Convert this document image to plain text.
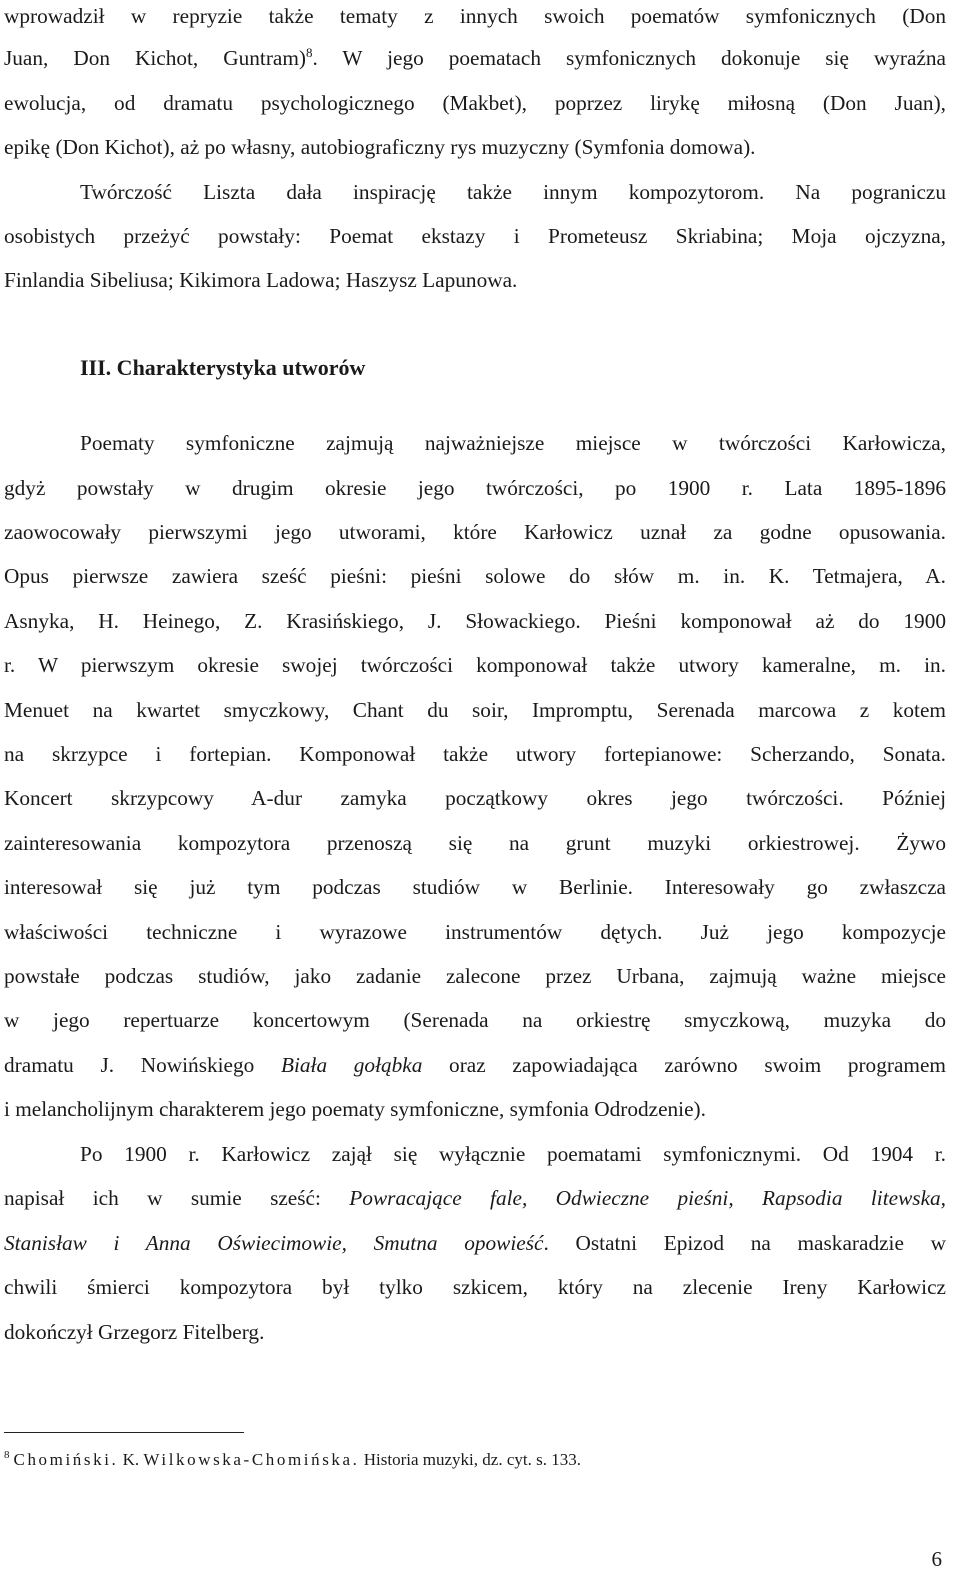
wprowadził w repryzie także tematy z innych swoich poematów symfonicznych (Don
Juan, Don Kichot, Guntram)$^8$. W jego poematach symfonicznych dokonuje się wyraźna
ewolucja, od dramatu psychologicznego (Makbet), poprzez lirykę miłosną (Don Juan),
epikę (Don Kichot), aż po własny, autobiograficzny rys muzyczny (Symfonia domowa).
Twórczość Liszta dała inspirację także innym kompozytorom. Na pograniczu
osobistych przeżyć powstały: Poemat ekstazy i Prometeusz Skriabina; Moja ojczyzna,
Finlandia Sibeliusa; Kikimora Ladowa; Haszysz Lapunowa.
III. Charakterystyka utworów
Poematy symfoniczne zajmują najważniejsze miejsce w twórczości Karłowicza,
gdyż powstały w drugim okresie jego twórczości, po 1900 r. Lata 1895-1896
zaowocowały pierwszymi jego utworami, które Karłowicz uznał za godne opusowania.
Opus pierwsze zawiera sześć pieśni: pieśni solowe do słów m. in. K. Tetmajera, A.
Asnyka, H. Heinego, Z. Krasińskiego, J. Słowackiego. Pieśni komponował aż do 1900
r. W pierwszym okresie swojej twórczości komponował także utwory kameralne, m. in.
Menuet na kwartet smyczkowy, Chant du soir, Impromptu, Serenada marcowa z kotem
na skrzypce i fortepian. Komponował także utwory fortepianowe: Scherzando, Sonata.
Koncert skrzypcowy A-dur zamyka początkowy okres jego twórczości. Później
zainteresowania kompozytora przenoszą się na grunt muzyki orkiestrowej. Żywo
interesował się już tym podczas studiów w Berlinie. Interesowały go zwłaszcza
właściwości techniczne i wyrazowe instrumentów dętych. Już jego kompozycje
powstałe podczas studiów, jako zadanie zalecone przez Urbana, zajmują ważne miejsce
w jego repertuarze koncertowym (Serenada na orkiestrę smyczkową, muzyka do
dramatu J. Nowińskiego Biała gołąbka oraz zapowiadająca zarówno swoim programem
i melancholijnym charakterem jego poematy symfoniczne, symfonia Odrodzenie).
Po 1900 r. Karłowicz zajął się wyłącznie poematami symfonicznymi. Od 1904 r.
napisał ich w sumie sześć: Powracające fale, Odwieczne pieśni, Rapsodia litewska,
Stanisław i Anna Oświecimowie, Smutna opowieść. Ostatni Epizod na maskaradzie w
chwili śmierci kompozytora był tylko szkicem, który na zlecenie Ireny Karłowicz
dokończył Grzegorz Fitelberg.
$^8$ Chomiński. K. Wilkowska-Chomińska. Historia muzyki, dz. cyt. s. 133.
6
